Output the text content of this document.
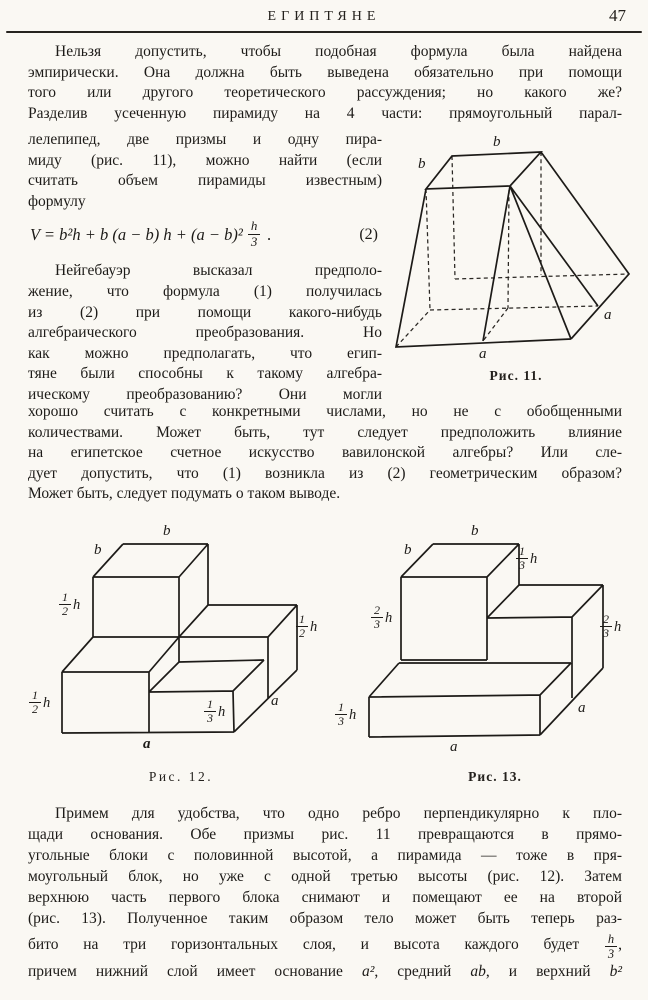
ЕГИПТЯНЕ	47
Нельзя допустить, чтобы подобная формула была найдена
эмпирически. Она должна быть выведена обязательно при помощи
того или другого теоретического рассуждения; но какого же?
Разделив усеченную пирамиду на 4 части: прямоугольный парал-
лелепипед, две призмы и одну пира-
миду (рис. 11), можно найти (если
считать объем пирамиды известным)
формулу
V = b²h + b (a − b) $h + (a - b)^2 \frac{h}{3}$ .	(2)
Нейгебауэр высказал предполо-
жение, что формула (1) получилась
из (2) при помощи какого-нибудь
алгебраического преобразования. Но
как можно предполагать, что егип-
тяне были способны к такому алгебра-
ическому преобразованию? Они могли
b
b
a
a
Рис. 11.
хорошо считать с конкретными числами, но не с обобщенными
количествами. Может быть, тут следует предположить влияние
на египетское счетное искусство вавилонской алгебры? Или сле-
дует допустить, что (1) возникла из (2) геометрическим образом?
Может быть, следует подумать о таком выводе.
b
b
$\frac{1}{2}$ h
$\frac{1}{2}$ h
$\frac{1}{2}$ h
$\frac{1}{3}$ h
a
a
Рис. 12.
b
b
$\frac{1}{3}$ h
$\frac{2}{3}$ h	$\frac{2}{3}$ h
$\frac{1}{3}$ h
a
a
Рис. 13.
Примем для удобства, что одно ребро перпендикулярно к пло-
щади основания. Обе призмы рис. 11 превращаются в прямо-
угольные блоки с половинной высотой, а пирамида — тоже в пря-
моугольный блок, но уже с одной третью высоты (рис. 12). Затем
верхнюю часть первого блока снимают и помещают ее на второй
(рис. 13). Полученное таким образом тело может быть теперь раз-
бито на три горизонтальных слоя, и высота каждого будет $\frac{h}{3}$ ,
причем нижний слой имеет основание a², средний ab, и верхний b²
